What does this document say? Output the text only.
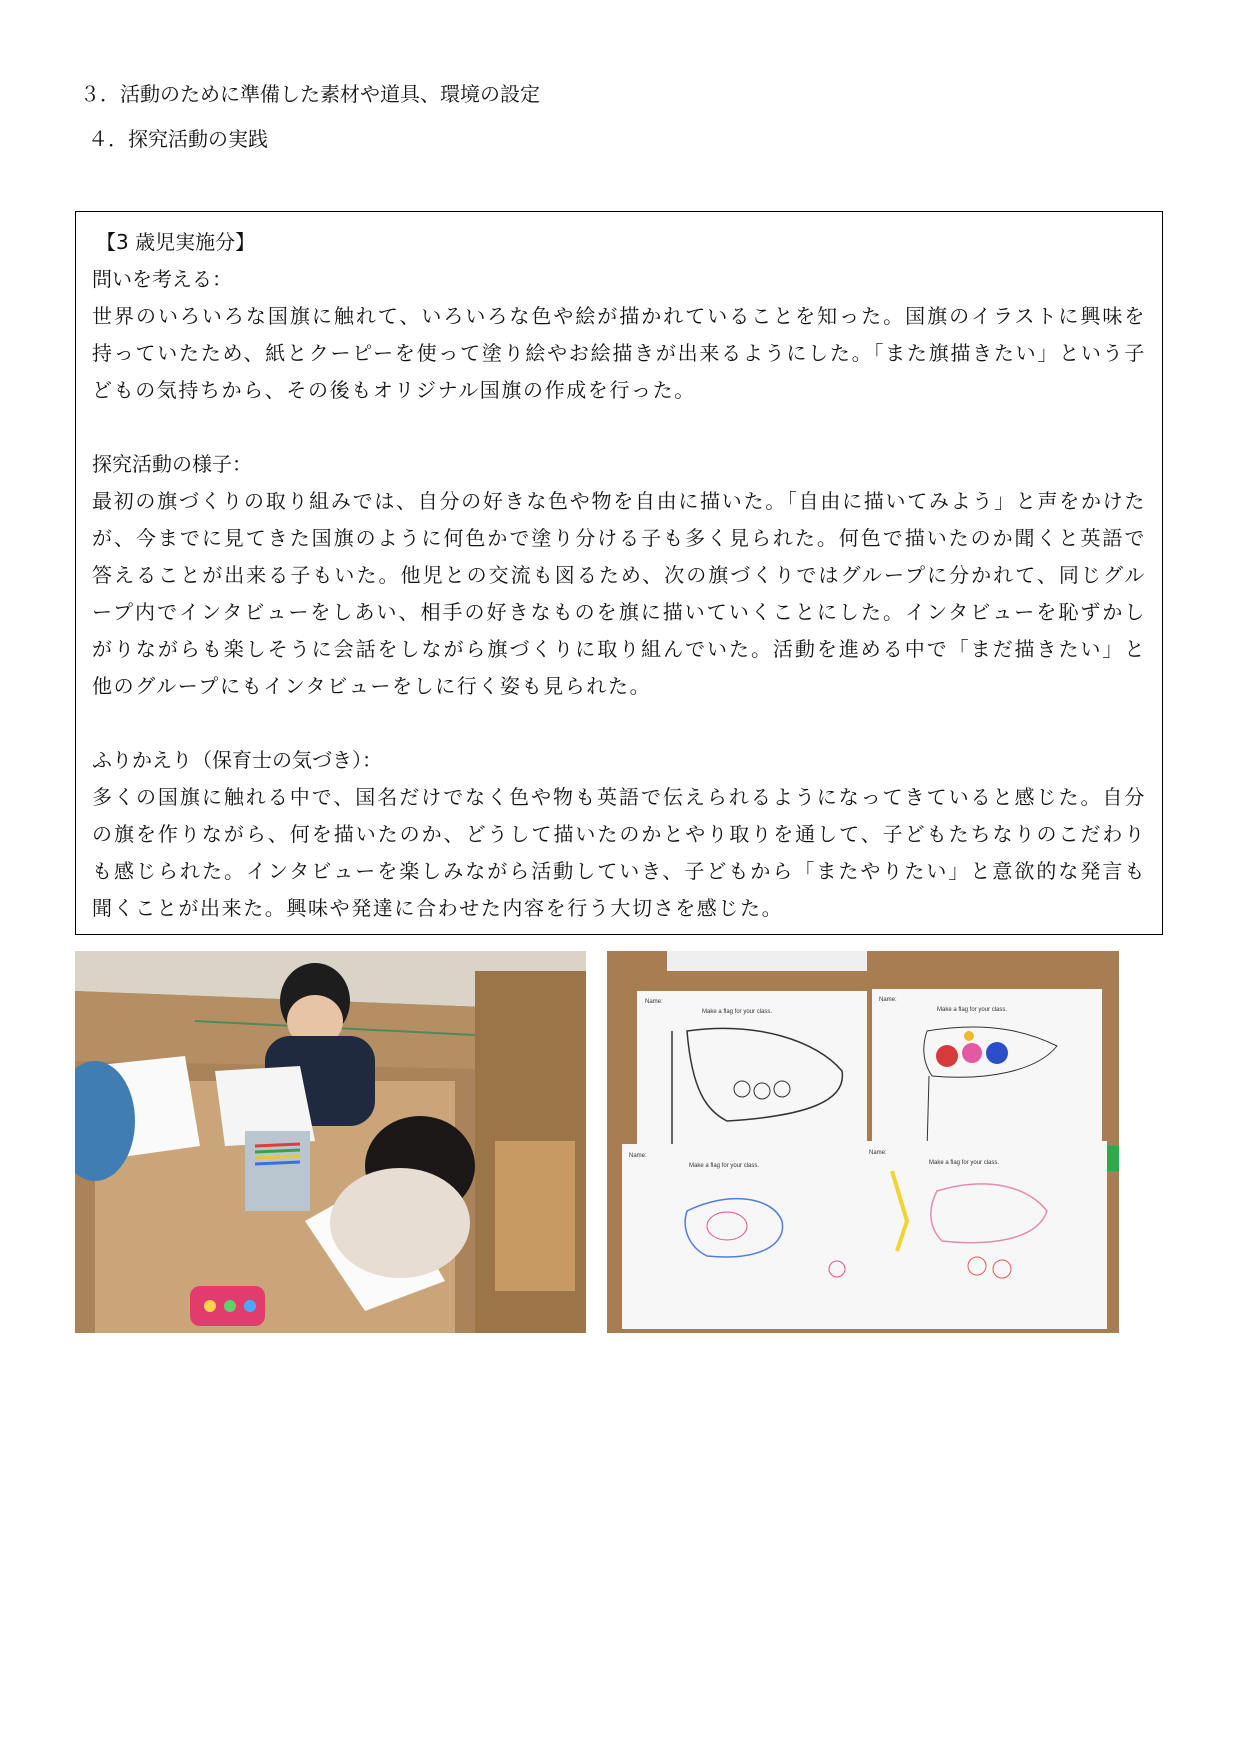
３．活動のために準備した素材や道具、環境の設定
４．探究活動の実践
【3 歳児実施分】
問いを考える：

世界のいろいろな国旗に触れて、いろいろな色や絵が描かれていることを知った。国旗のイラストに興味を持っていたため、紙とクーピーを使って塗り絵やお絵描きが出来るようにした。「また旗描きたい」という子どもの気持ちから、その後もオリジナル国旗の作成を行った。

探究活動の様子：

最初の旗づくりの取り組みでは、自分の好きな色や物を自由に描いた。「自由に描いてみよう」と声をかけたが、今までに見てきた国旗のように何色かで塗り分ける子も多く見られた。何色で描いたのか聞くと英語で答えることが出来る子もいた。他児との交流も図るため、次の旗づくりではグループに分かれて、同じグループ内でインタビューをしあい、相手の好きなものを旗に描いていくことにした。インタビューを恥ずかしがりながらも楽しそうに会話をしながら旗づくりに取り組んでいた。活動を進める中で「まだ描きたい」と他のグループにもインタビューをしに行く姿も見られた。

ふりかえり（保育士の気づき）：

多くの国旗に触れる中で、国名だけでなく色や物も英語で伝えられるようになってきていると感じた。自分の旗を作りながら、何を描いたのか、どうして描いたのかとやり取りを通して、子どもたちなりのこだわりも感じられた。インタビューを楽しみながら活動していき、子どもから「またやりたい」と意欲的な発言も聞くことが出来た。興味や発達に合わせた内容を行う大切さを感じた。

Name:
Make a flag for your class.
Name:
Make a flag for your class.
Name:
Make a flag for your class.
Name:
Make a flag for your class.
